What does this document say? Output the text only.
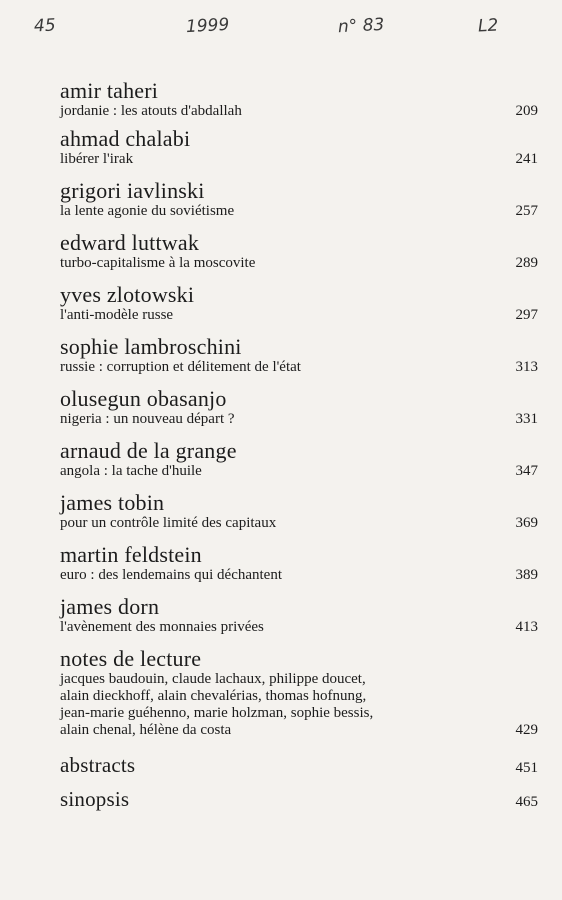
45	1999	n° 83	L2
amir taheri
jordanie : les atouts d'abdallah	209
ahmad chalabi
libérer l'irak	241
grigori iavlinski
la lente agonie du soviétisme	257
edward luttwak
turbo-capitalisme à la moscovite	289
yves zlotowski
l'anti-modèle russe	297
sophie lambroschini
russie : corruption et délitement de l'état	313
olusegun obasanjo
nigeria : un nouveau départ ?	331
arnaud de la grange
angola : la tache d'huile	347
james tobin
pour un contrôle limité des capitaux	369
martin feldstein
euro : des lendemains qui déchantent	389
james dorn
l'avènement des monnaies privées	413
notes de lecture
jacques baudouin, claude lachaux, philippe doucet,
alain dieckhoff, alain chevalérias, thomas hofnung,
jean-marie guéhenno, marie holzman, sophie bessis,
alain chenal, hélène da costa	429
abstracts	451
sinopsis	465
